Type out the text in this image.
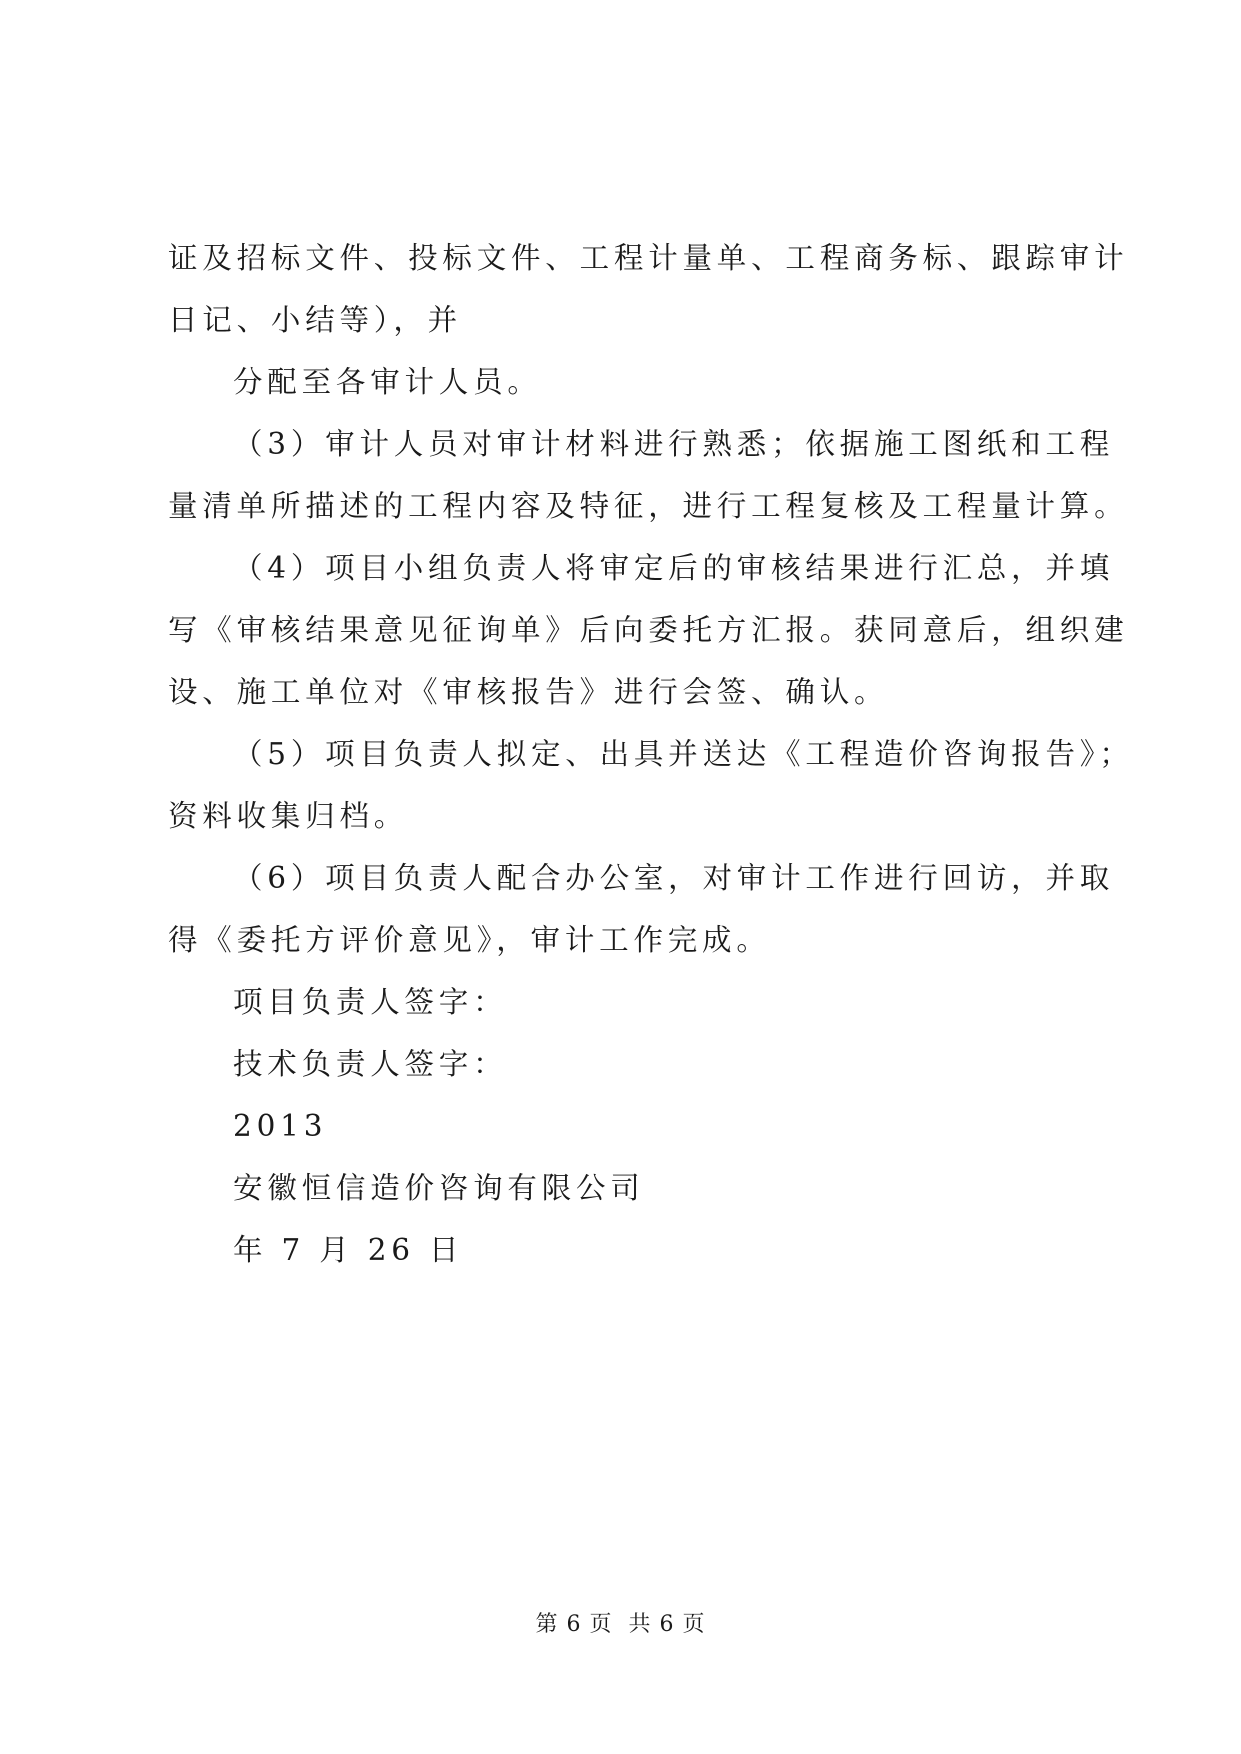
证及招标文件、投标文件、工程计量单、工程商务标、跟踪审计
日记、小结等），并
分配至各审计人员。
（3）审计人员对审计材料进行熟悉；依据施工图纸和工程
量清单所描述的工程内容及特征，进行工程复核及工程量计算。
（4）项目小组负责人将审定后的审核结果进行汇总，并填
写《审核结果意见征询单》后向委托方汇报。获同意后，组织建
设、施工单位对《审核报告》进行会签、确认。
（5）项目负责人拟定、出具并送达《工程造价咨询报告》；
资料收集归档。
（6）项目负责人配合办公室，对审计工作进行回访，并取
得《委托方评价意见》，审计工作完成。
项目负责人签字：
技术负责人签字：
2013
安徽恒信造价咨询有限公司
年 7 月 26 日
第 6 页 共 6 页
